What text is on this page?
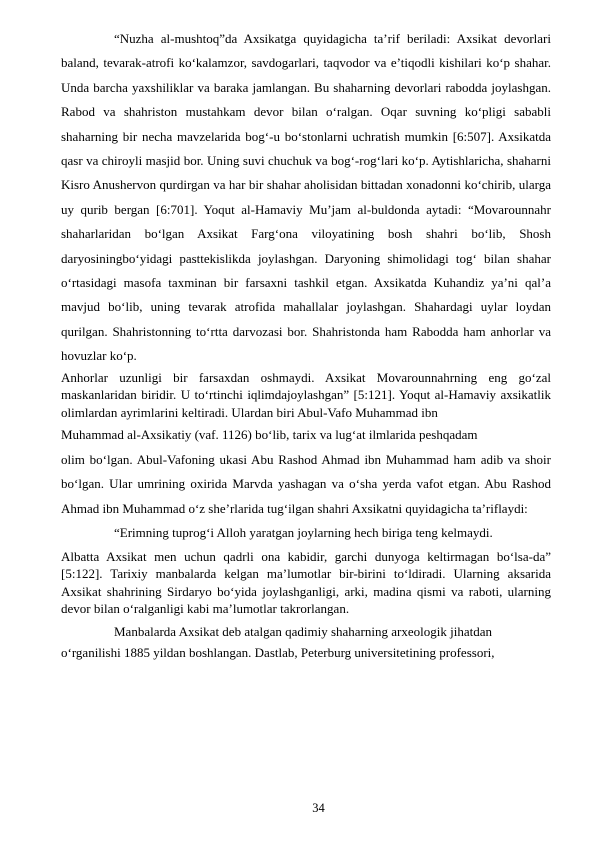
“Nuzha al-mushtoq”da Axsikatga quyidagicha ta’rif beriladi: Axsikat devorlari baland, tevarak-atrofi ko‘kalamzor, savdogarlari, taqvodor va e’tiqodli kishilari ko‘p shahar. Unda barcha yaxshiliklar va baraka jamlangan. Bu shaharning devorlari rabodda joylashgan. Rabod va shahriston mustahkam devor bilan o‘ralgan. Oqar suvning ko‘pligi sababli shaharning bir necha mavzelarida bog‘-u bo‘stonlarni uchratish mumkin [6:507]. Axsikatda qasr va chiroyli masjid bor. Uning suvi chuchuk va bog‘-rog‘lari ko‘p. Aytishlaricha, shaharni Kisro Anushervon qurdirgan va har bir shahar aholisidan bittadan xonadonni ko‘chirib, ularga uy qurib bergan [6:701]. Yoqut al-Hamaviy Mu’jam al-buldonda aytadi: “Movarounnahr shaharlaridan bo‘lgan Axsikat Farg‘ona viloyatining bosh shahri bo‘lib, Shosh daryosiningbo‘yidagi pasttekislikda joylashgan. Daryoning shimolidagi tog‘ bilan shahar o‘rtasidagi masofa taxminan bir farsaxni tashkil etgan. Axsikatda Kuhandiz ya’ni qal’a mavjud bo‘lib, uning tevarak atrofida mahallalar joylashgan. Shahardagi uylar loydan qurilgan. Shahristonning to‘rtta darvozasi bor. Shahristonda ham Rabodda ham anhorlar va hovuzlar ko‘p.

Anhorlar uzunligi bir farsaxdan oshmaydi. Axsikat Movarounnahrning eng go‘zal maskanlaridan biridir. U to‘rtinchi iqlimdajoylashgan” [5:121]. Yoqut al-Hamaviy axsikatlik olimlardan ayrimlarini keltiradi. Ulardan biri Abul-Vafo Muhammad ibn

Muhammad al-Axsikatiy (vaf. 1126) bo‘lib, tarix va lug‘at ilmlarida peshqadam

olim bo‘lgan. Abul-Vafoning ukasi Abu Rashod Ahmad ibn Muhammad ham adib va shoir bo‘lgan. Ular umrining oxirida Marvda yashagan va o‘sha yerda vafot etgan. Abu Rashod Ahmad ibn Muhammad o‘z she’rlarida tug‘ilgan shahri Axsikatni quyidagicha ta’riflaydi:

“Erimning tuprog‘i Alloh yaratgan joylarning hech biriga teng kelmaydi.

Albatta Axsikat men uchun qadrli ona kabidir, garchi dunyoga keltirmagan bo‘lsa-da” [5:122]. Tarixiy manbalarda kelgan ma’lumotlar bir-birini to‘ldiradi. Ularning aksarida Axsikat shahrining Sirdaryo bo‘yida joylashganligi, arki, madina qismi va raboti, ularning devor bilan o‘ralganligi kabi ma’lumotlar takrorlangan.

Manbalarda Axsikat deb atalgan qadimiy shaharning arxeologik jihatdan

o‘rganilishi 1885 yildan boshlangan. Dastlab, Peterburg universitetining professori,

34
